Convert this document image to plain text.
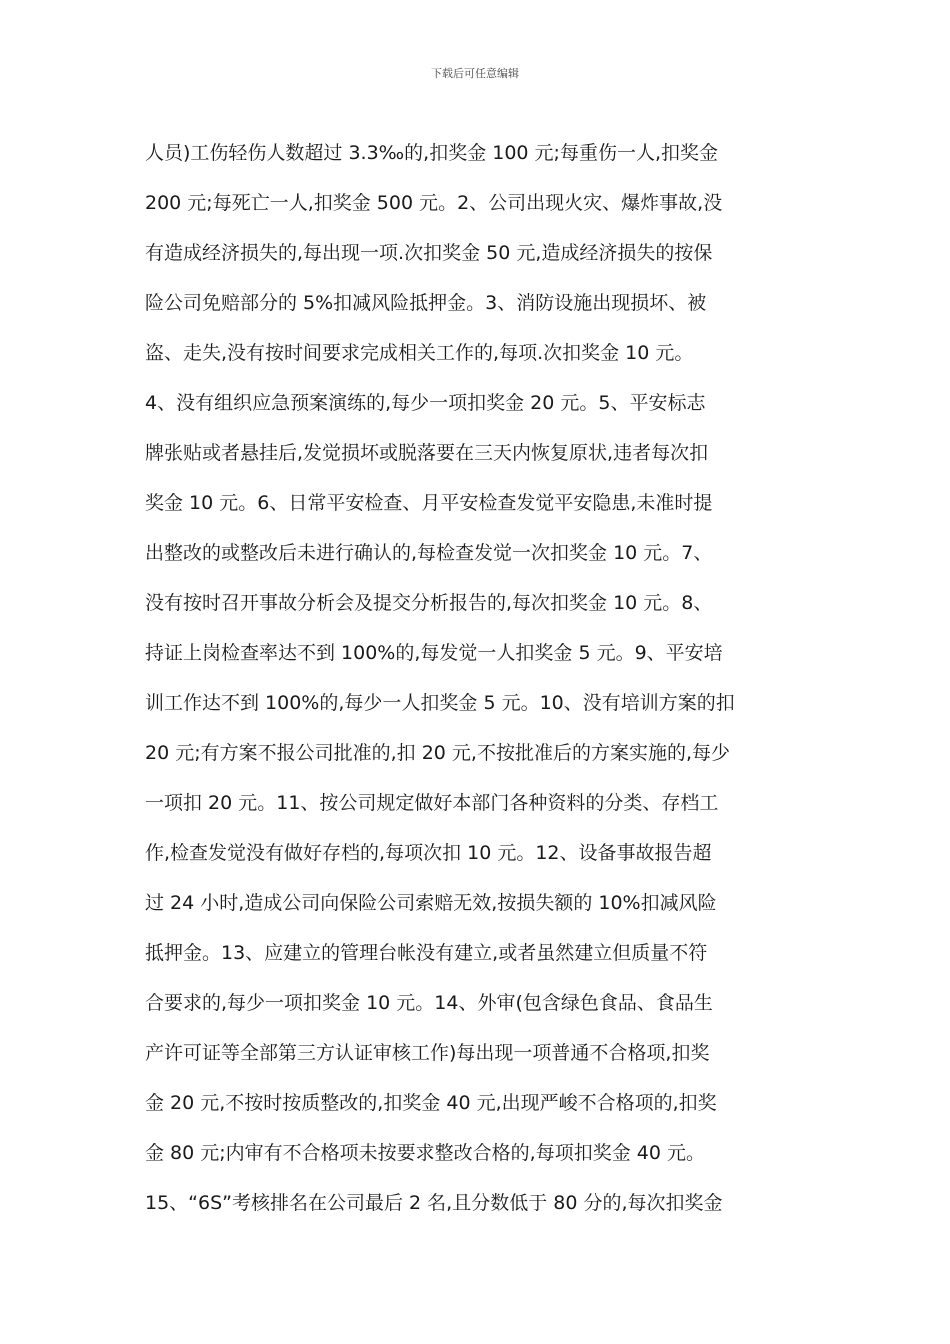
下载后可任意编辑
人员)工伤轻伤人数超过 3.3‰的,扣奖金 100 元;每重伤一人,扣奖金
200 元;每死亡一人,扣奖金 500 元。2、公司出现火灾、爆炸事故,没
有造成经济损失的,每出现一项.次扣奖金 50 元,造成经济损失的按保
险公司免赔部分的 5%扣减风险抵押金。3、消防设施出现损坏、被
盗、走失,没有按时间要求完成相关工作的,每项.次扣奖金 10 元。
4、没有组织应急预案演练的,每少一项扣奖金 20 元。5、平安标志
牌张贴或者悬挂后,发觉损坏或脱落要在三天内恢复原状,违者每次扣
奖金 10 元。6、日常平安检查、月平安检查发觉平安隐患,未准时提
出整改的或整改后未进行确认的,每检查发觉一次扣奖金 10 元。7、
没有按时召开事故分析会及提交分析报告的,每次扣奖金 10 元。8、
持证上岗检查率达不到 100%的,每发觉一人扣奖金 5 元。9、平安培
训工作达不到 100%的,每少一人扣奖金 5 元。10、没有培训方案的扣
20 元;有方案不报公司批准的,扣 20 元,不按批准后的方案实施的,每少
一项扣 20 元。11、按公司规定做好本部门各种资料的分类、存档工
作,检查发觉没有做好存档的,每项次扣 10 元。12、设备事故报告超
过 24 小时,造成公司向保险公司索赔无效,按损失额的 10%扣减风险
抵押金。13、应建立的管理台帐没有建立,或者虽然建立但质量不符
合要求的,每少一项扣奖金 10 元。14、外审(包含绿色食品、食品生
产许可证等全部第三方认证审核工作)每出现一项普通不合格项,扣奖
金 20 元,不按时按质整改的,扣奖金 40 元,出现严峻不合格项的,扣奖
金 80 元;内审有不合格项未按要求整改合格的,每项扣奖金 40 元。
15、“6S”考核排名在公司最后 2 名,且分数低于 80 分的,每次扣奖金
